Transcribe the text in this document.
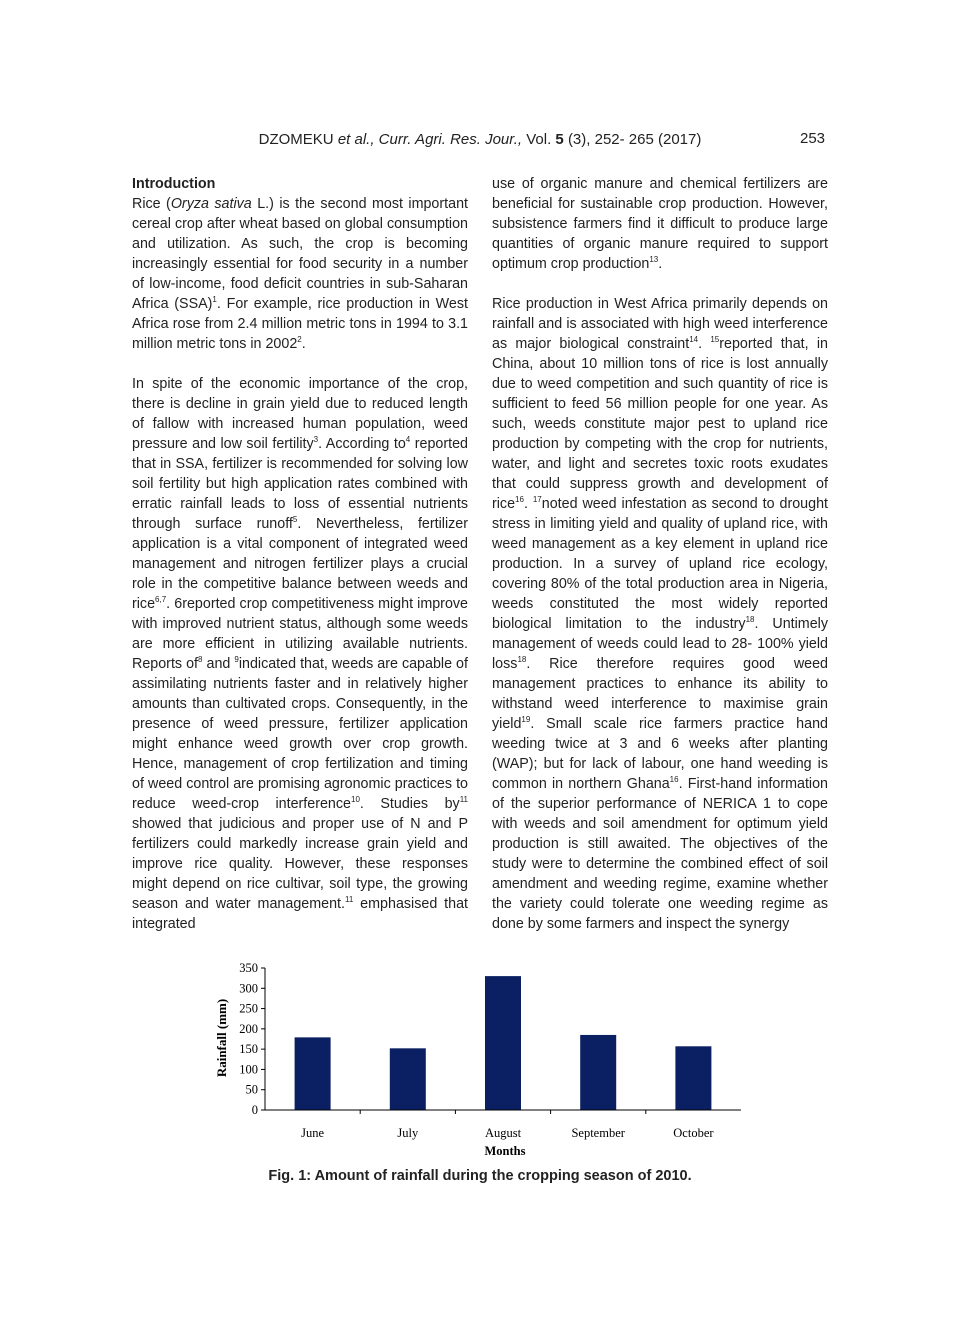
DZOMEKU et al., Curr. Agri. Res. Jour., Vol. 5 (3), 252- 265 (2017)	253
Introduction

Rice (Oryza sativa L.) is the second most important cereal crop after wheat based on global consumption and utilization. As such, the crop is becoming increasingly essential for food security in a number of low-income, food deficit countries in sub-Saharan Africa (SSA)$^1$. For example, rice production in West Africa rose from 2.4 million metric tons in 1994 to 3.1 million metric tons in 2002$^2$.

In spite of the economic importance of the crop, there is decline in grain yield due to reduced length of fallow with increased human population, weed pressure and low soil fertility$^3$. According $to^4$ reported that in SSA, fertilizer is recommended for solving low soil fertility but high application rates combined with erratic rainfall leads to loss of essential nutrients through surface runoff$^5$. Nevertheless, fertilizer application is a vital component of integrated weed management and nitrogen fertilizer plays a crucial role in the competitive balance between weeds and rice$^{6,7}$. 6reported crop competitiveness might improve with improved nutrient status, although some weeds are more efficient in utilizing available nutrients. Reports $of^8$ and $^9$indicated that, weeds are capable of assimilating nutrients faster and in relatively higher amounts than cultivated crops. Consequently, in the presence of weed pressure, fertilizer application might enhance weed growth over crop growth. Hence, management of crop fertilization and timing of weed control are promising agronomic practices to reduce weed-crop interference$^{10}$. Studies $by^{11}$ showed that judicious and proper use of N and P fertilizers could markedly increase grain yield and improve rice quality. However, these responses might depend on rice cultivar, soil type, the growing season and water management.$^{11}$ emphasised that integrated

use of organic manure and chemical fertilizers are beneficial for sustainable crop production. However, subsistence farmers find it difficult to produce large quantities of organic manure required to support optimum crop production$^{13}$.

Rice production in West Africa primarily depends on rainfall and is associated with high weed interference as major biological constraint$^{14}$. $^{15}$reported that, in China, about 10 million tons of rice is lost annually due to weed competition and such quantity of rice is sufficient to feed 56 million people for one year. As such, weeds constitute major pest to upland rice production by competing with the crop for nutrients, water, and light and secretes toxic roots exudates that could suppress growth and development of rice$^{16}$. $^{17}$noted weed infestation as second to drought stress in limiting yield and quality of upland rice, with weed management as a key element in upland rice production. In a survey of upland rice ecology, covering 80% of the total production area in Nigeria, weeds constituted the most widely reported biological limitation to the industry$^{18}$. Untimely management of weeds could lead to 28- 100% yield loss$^{18}$. Rice therefore requires good weed management practices to enhance its ability to withstand weed interference to maximise grain yield$^{19}$. Small scale rice farmers practice hand weeding twice at 3 and 6 weeks after planting (WAP); but for lack of labour, one hand weeding is common in northern Ghana$^{16}$. First-hand information of the superior performance of NERICA 1 to cope with weeds and soil amendment for optimum yield production is still awaited. The objectives of the study were to determine the combined effect of soil amendment and weeding regime, examine whether the variety could tolerate one weeding regime as done by some farmers and inspect the synergy

0
50
100
150
200
250
300
350
June	July	August	September	October
Rainfall (mm)
Months
Fig. 1: Amount of rainfall during the cropping season of 2010.
